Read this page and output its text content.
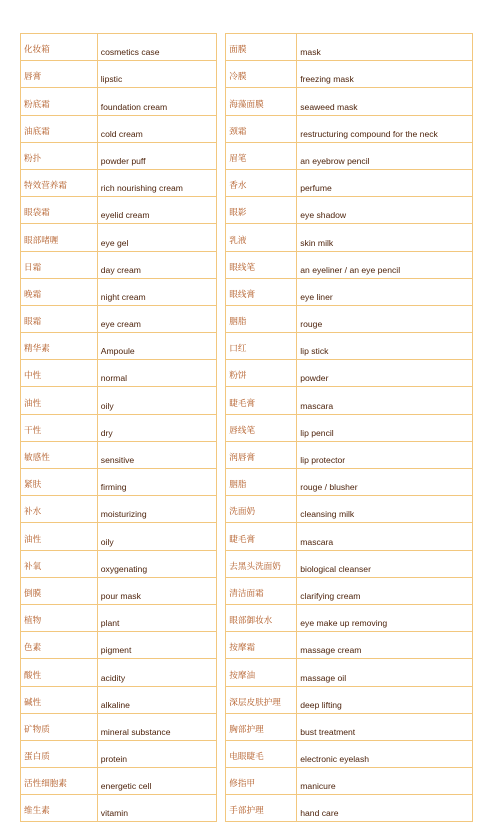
化妆箱	cosmetics case
唇膏	lipstic
粉底霜	foundation cream
油底霜	cold cream
粉扑	powder puff
特效营养霜	rich nourishing cream
眼袋霜	eyelid cream
眼部啫喱	eye gel
日霜	day cream
晚霜	night cream
眼霜	eye cream
精华素	Ampoule
中性	normal
油性	oily
干性	dry
敏感性	sensitive
紧肤	firming
补水	moisturizing
油性	oily
补氧	oxygenating
倒膜	pour mask
植物	plant
色素	pigment
酸性	acidity
碱性	alkaline
矿物质	mineral substance
蛋白质	protein
活性细胞素	energetic cell
维生素	vitamin
面膜	mask
冷膜	freezing mask
海藻面膜	seaweed mask
颈霜	restructuring compound for the neck
眉笔	an eyebrow pencil
香水	perfume
眼影	eye shadow
乳液	skin milk
眼线笔	an eyeliner / an eye pencil
眼线膏	eye liner
胭脂	rouge
口红	lip stick
粉饼	powder
睫毛膏	mascara
唇线笔	lip pencil
润唇膏	lip protector
胭脂	rouge / blusher
洗面奶	cleansing milk
睫毛膏	mascara
去黑头洗面奶	biological cleanser
清洁面霜	clarifying cream
眼部御妆水	eye make up removing
按摩霜	massage cream
按摩油	massage oil
深层皮肤护理	deep lifting
胸部护理	bust treatment
电眼睫毛	electronic eyelash
修指甲	manicure
手部护理	hand care
